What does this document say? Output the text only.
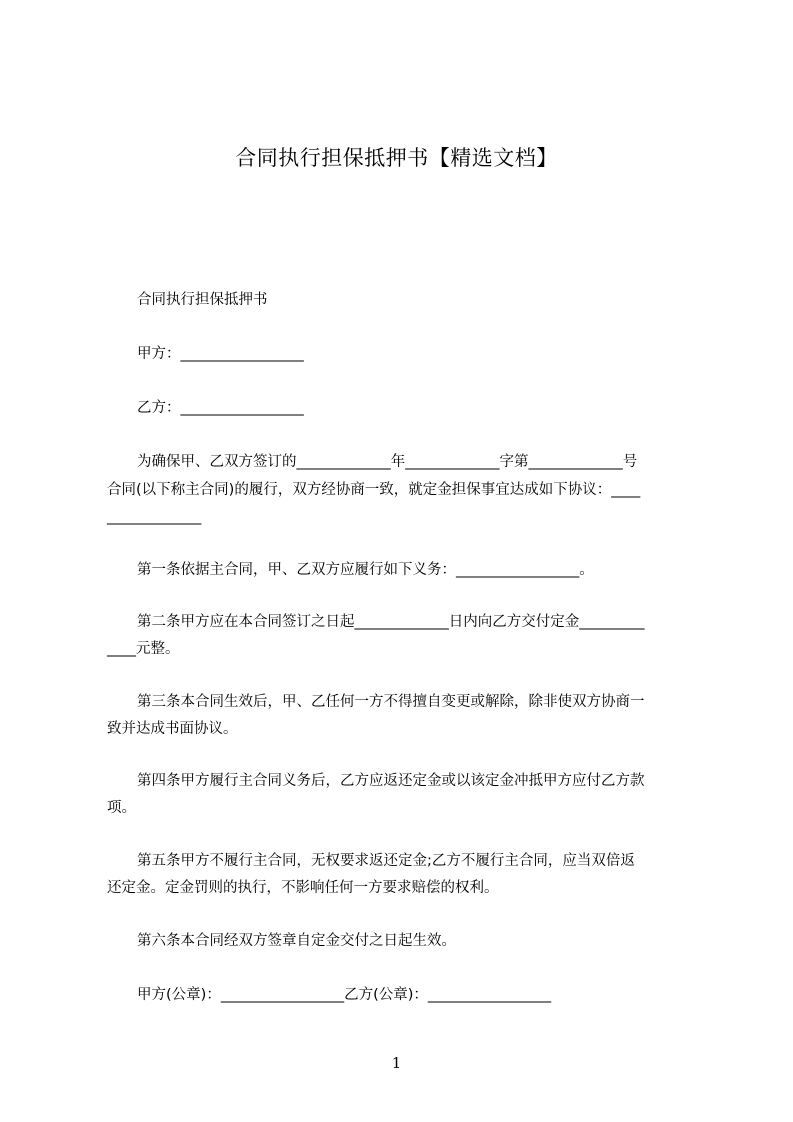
合同执行担保抵押书【精选文档】

合同执行担保抵押书

甲方：_________________

乙方：_________________

为确保甲、乙双方签订的_____________年_____________字第_____________号

合同(以下称主合同)的履行，双方经协商一致，就定金担保事宜达成如下协议：____

_____________

第一条依据主合同，甲、乙双方应履行如下义务：_________________。

第二条甲方应在本合同签订之日起_____________日内向乙方交付定金_________

____元整。

第三条本合同生效后，甲、乙任何一方不得擅自变更或解除，除非使双方协商一

致并达成书面协议。

第四条甲方履行主合同义务后，乙方应返还定金或以该定金冲抵甲方应付乙方款

项。

第五条甲方不履行主合同，无权要求返还定金;乙方不履行主合同，应当双倍返

还定金。定金罚则的执行，不影响任何一方要求赔偿的权利。

第六条本合同经双方签章自定金交付之日起生效。

甲方(公章)：_________________乙方(公章)：_________________

1
